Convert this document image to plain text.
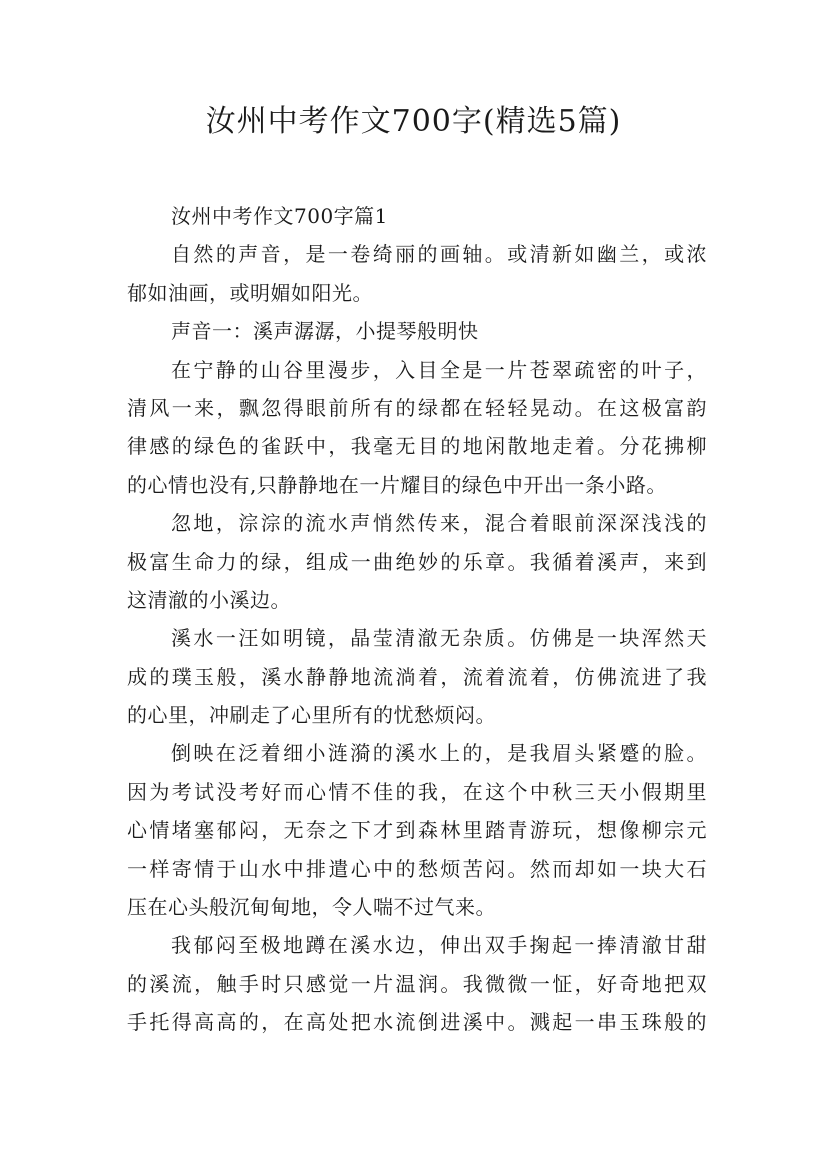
汝州中考作文700字(精选5篇)
汝州中考作文700字篇1
自然的声音，是一卷绮丽的画轴。或清新如幽兰，或浓
郁如油画，或明媚如阳光。
声音一：溪声潺潺，小提琴般明快
在宁静的山谷里漫步，入目全是一片苍翠疏密的叶子，
清风一来，飘忽得眼前所有的绿都在轻轻晃动。在这极富韵
律感的绿色的雀跃中，我毫无目的地闲散地走着。分花拂柳
的心情也没有,只静静地在一片耀目的绿色中开出一条小路。
忽地，淙淙的流水声悄然传来，混合着眼前深深浅浅的
极富生命力的绿，组成一曲绝妙的乐章。我循着溪声，来到
这清澈的小溪边。
溪水一汪如明镜，晶莹清澈无杂质。仿佛是一块浑然天
成的璞玉般，溪水静静地流淌着，流着流着，仿佛流进了我
的心里，冲刷走了心里所有的忧愁烦闷。
倒映在泛着细小涟漪的溪水上的，是我眉头紧蹙的脸。
因为考试没考好而心情不佳的我，在这个中秋三天小假期里
心情堵塞郁闷，无奈之下才到森林里踏青游玩，想像柳宗元
一样寄情于山水中排遣心中的愁烦苦闷。然而却如一块大石
压在心头般沉甸甸地，令人喘不过气来。
我郁闷至极地蹲在溪水边，伸出双手掬起一捧清澈甘甜
的溪流，触手时只感觉一片温润。我微微一怔，好奇地把双
手托得高高的，在高处把水流倒进溪中。溅起一串玉珠般的
